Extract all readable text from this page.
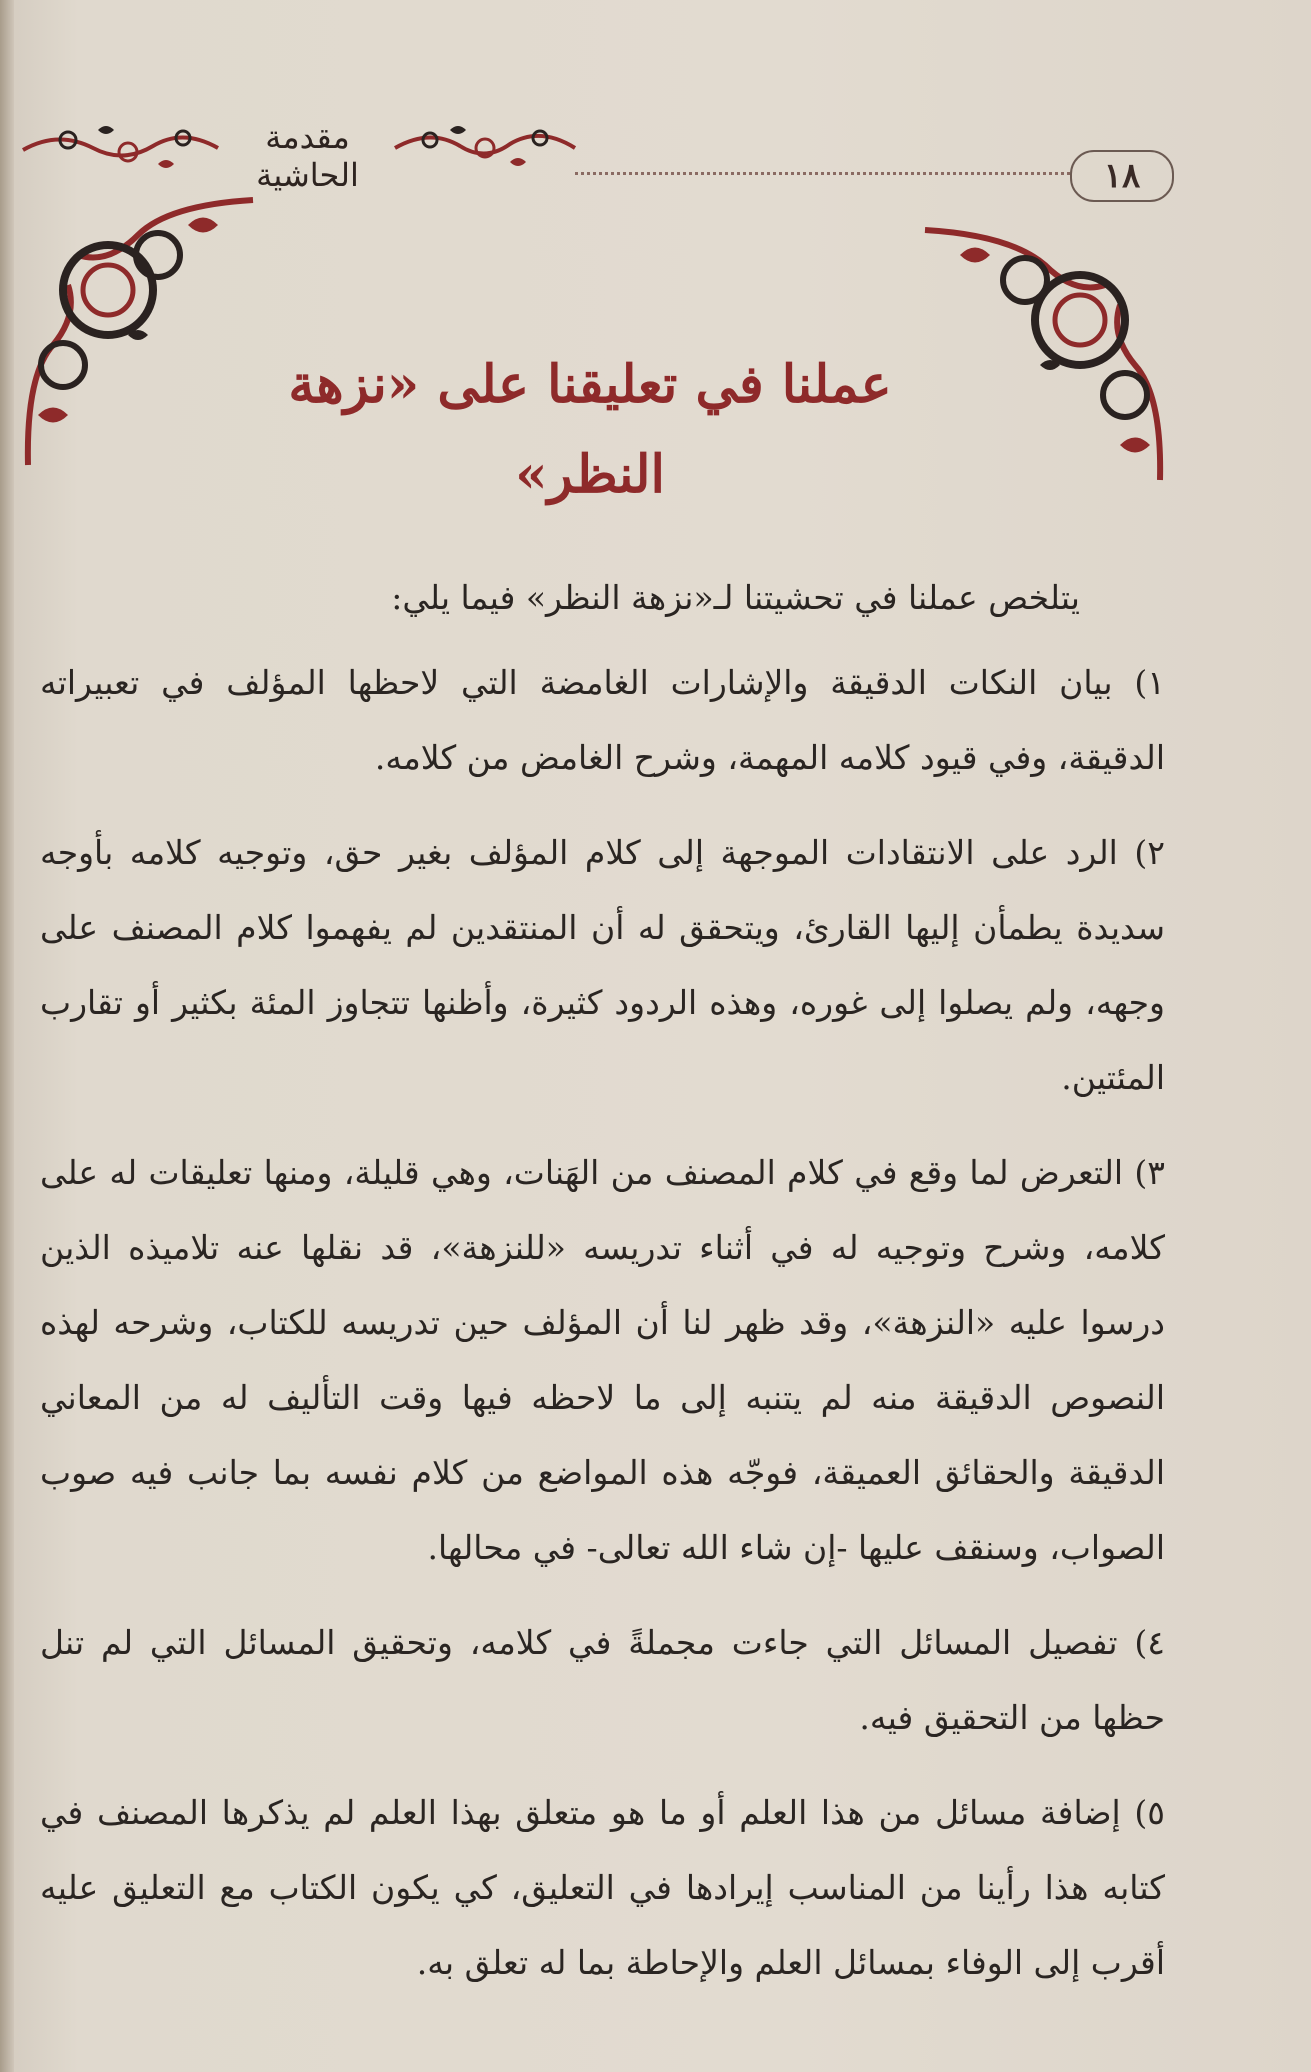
١٨
مقدمة الحاشية
عملنا في تعليقنا على «نزهة النظر»

يتلخص عملنا في تحشيتنا لـ«نزهة النظر» فيما يلي:

١) بيان النكات الدقيقة والإشارات الغامضة التي لاحظها المؤلف في تعبيراته الدقيقة، وفي قيود كلامه المهمة، وشرح الغامض من كلامه.

٢) الرد على الانتقادات الموجهة إلى كلام المؤلف بغير حق، وتوجيه كلامه بأوجه سديدة يطمأن إليها القارئ، ويتحقق له أن المنتقدين لم يفهموا كلام المصنف على وجهه، ولم يصلوا إلى غوره، وهذه الردود كثيرة، وأظنها تتجاوز المئة بكثير أو تقارب المئتين.

٣) التعرض لما وقع في كلام المصنف من الهَنات، وهي قليلة، ومنها تعليقات له على كلامه، وشرح وتوجيه له في أثناء تدريسه «للنزهة»، قد نقلها عنه تلاميذه الذين درسوا عليه «النزهة»، وقد ظهر لنا أن المؤلف حين تدريسه للكتاب، وشرحه لهذه النصوص الدقيقة منه لم يتنبه إلى ما لاحظه فيها وقت التأليف له من المعاني الدقيقة والحقائق العميقة، فوجّه هذه المواضع من كلام نفسه بما جانب فيه صوب الصواب، وسنقف عليها -إن شاء الله تعالى- في محالها.

٤) تفصيل المسائل التي جاءت مجملةً في كلامه، وتحقيق المسائل التي لم تنل حظها من التحقيق فيه.

٥) إضافة مسائل من هذا العلم أو ما هو متعلق بهذا العلم لم يذكرها المصنف في كتابه هذا رأينا من المناسب إيرادها في التعليق، كي يكون الكتاب مع التعليق عليه أقرب إلى الوفاء بمسائل العلم والإحاطة بما له تعلق به.
